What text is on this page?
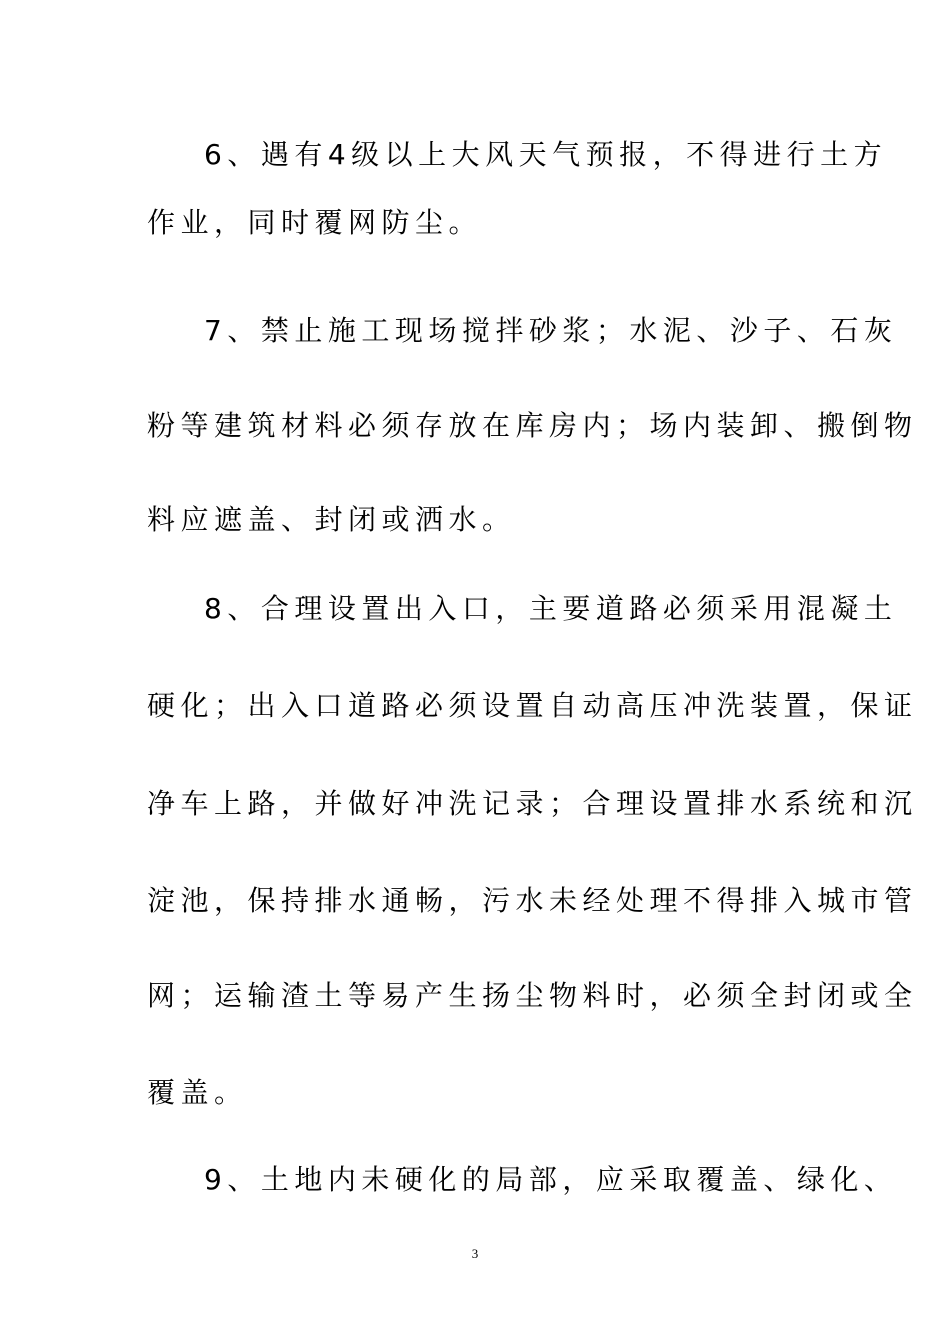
6、遇有4级以上大风天气预报，不得进行土方
作业，同时覆网防尘。
7、禁止施工现场搅拌砂浆；水泥、沙子、石灰
粉等建筑材料必须存放在库房内；场内装卸、搬倒物
料应遮盖、封闭或洒水。
8、合理设置出入口，主要道路必须采用混凝土
硬化；出入口道路必须设置自动高压冲洗装置，保证
净车上路，并做好冲洗记录；合理设置排水系统和沉
淀池，保持排水通畅，污水未经处理不得排入城市管
网；运输渣土等易产生扬尘物料时，必须全封闭或全
覆盖。
9、土地内未硬化的局部，应采取覆盖、绿化、
3
